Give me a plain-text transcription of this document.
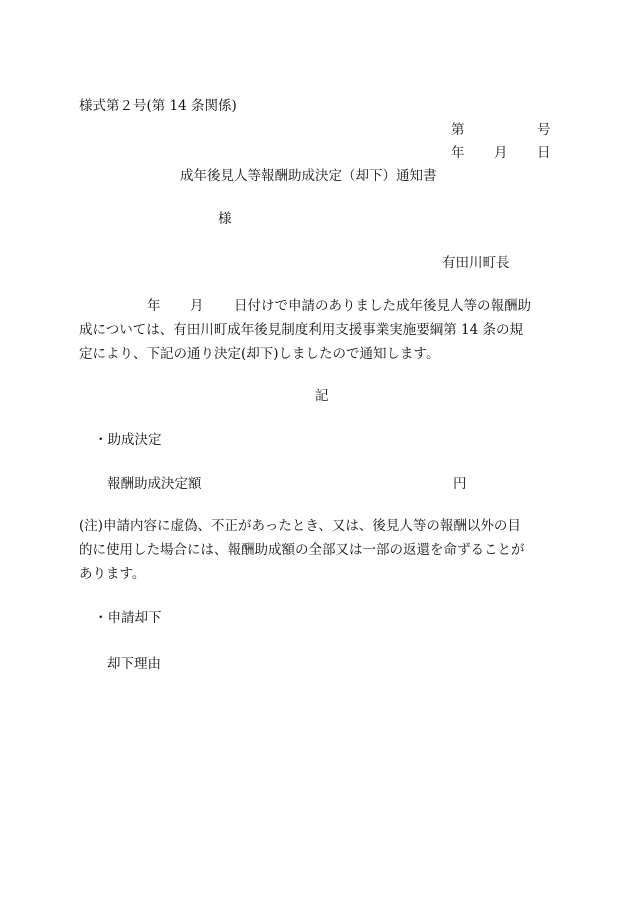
様式第２号(第 14 条関係)

第	号
年 月 日

成年後見人等報酬助成決定（却下）通知書

様
有田川町長
年 月 日付けで申請のありました成年後見人等の報酬助

成については、有田川町成年後見制度利用支援事業実施要綱第 14 条の規

定により、下記の通り決定(却下)しましたので通知します。

記

・助成決定

報酬助成決定額	円
(注)申請内容に虚偽、不正があったとき、又は、後見人等の報酬以外の目
的に使用した場合には、報酬助成額の全部又は一部の返還を命ずることが
あります。

・申請却下

却下理由
